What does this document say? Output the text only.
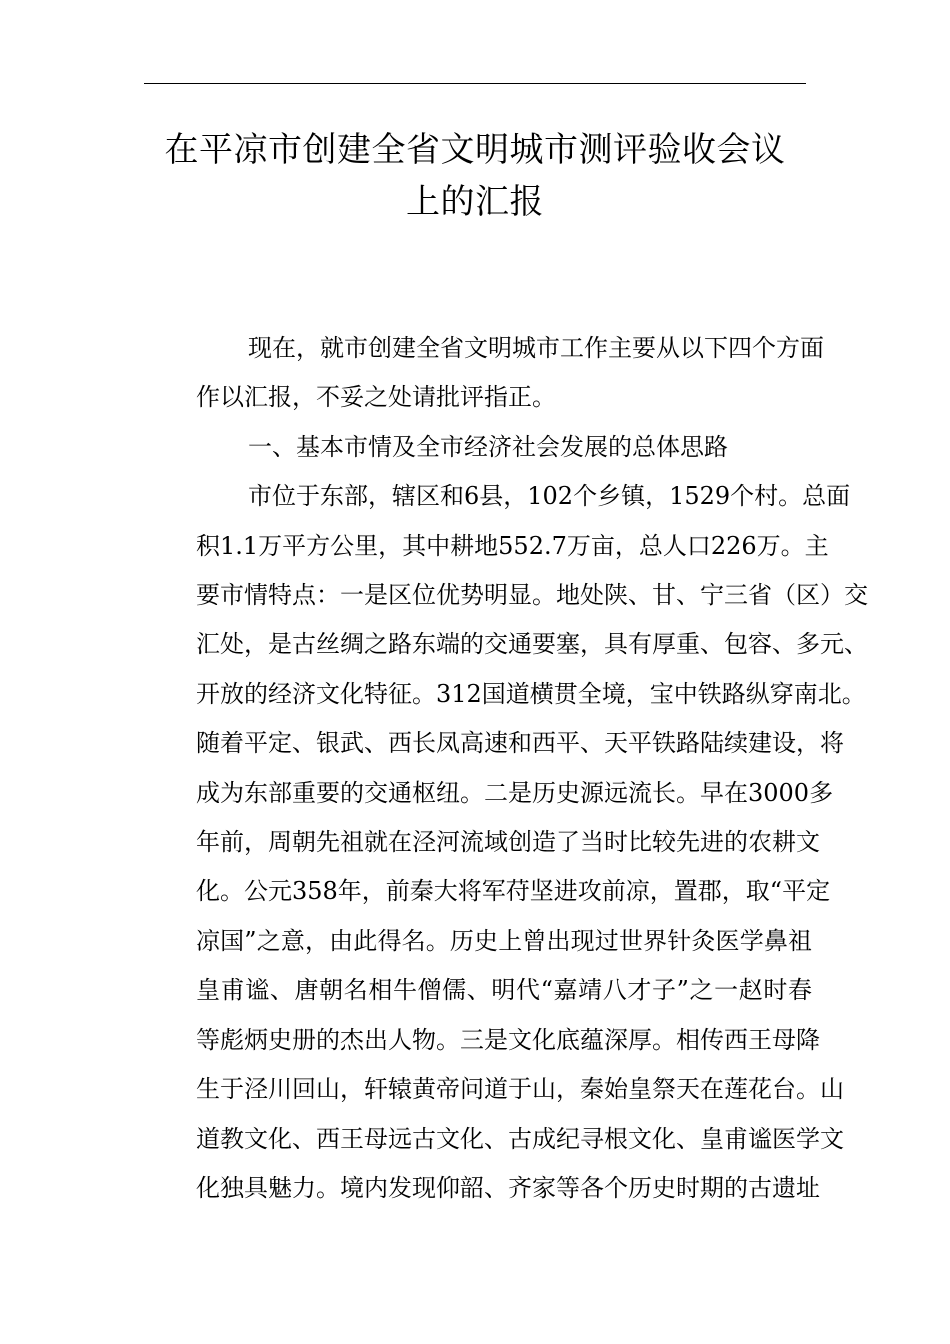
在平凉市创建全省文明城市测评验收会议
上的汇报

现在，就市创建全省文明城市工作主要从以下四个方面
作以汇报，不妥之处请批评指正。

一、基本市情及全市经济社会发展的总体思路

市位于东部，辖区和6县，102个乡镇，1529个村。总面
积1.1万平方公里，其中耕地552.7万亩，总人口226万。主
要市情特点：一是区位优势明显。地处陕、甘、宁三省（区）交
汇处，是古丝绸之路东端的交通要塞，具有厚重、包容、多元、
开放的经济文化特征。312国道横贯全境，宝中铁路纵穿南北。
随着平定、银武、西长凤高速和西平、天平铁路陆续建设，将
成为东部重要的交通枢纽。二是历史源远流长。早在3000多
年前，周朝先祖就在泾河流域创造了当时比较先进的农耕文
化。公元358年，前秦大将军苻坚进攻前凉，置郡，取“平定
凉国”之意，由此得名。历史上曾出现过世界针灸医学鼻祖
皇甫谧、唐朝名相牛僧儒、明代“嘉靖八才子”之一赵时春
等彪炳史册的杰出人物。三是文化底蕴深厚。相传西王母降
生于泾川回山，轩辕黄帝问道于山，秦始皇祭天在莲花台。山
道教文化、西王母远古文化、古成纪寻根文化、皇甫谧医学文
化独具魅力。境内发现仰韶、齐家等各个历史时期的古遗址
